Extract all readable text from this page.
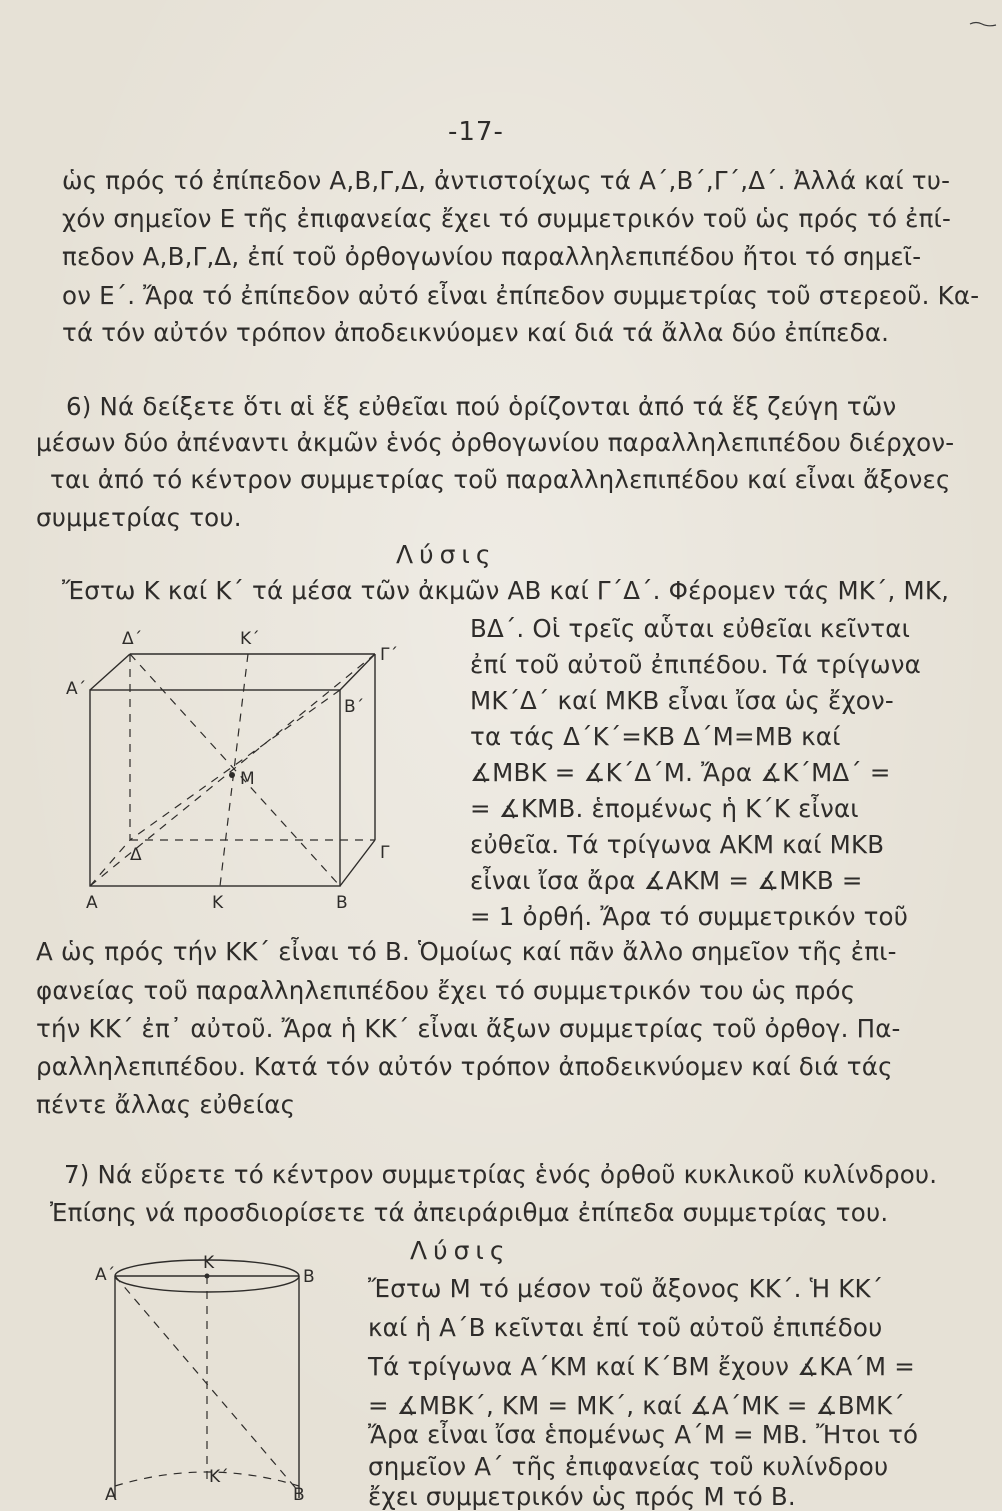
-17-
ὡς πρός τό ἐπίπεδον Α,Β,Γ,Δ, ἀντιστοίχως τά Α΄,Β΄,Γ΄,Δ΄. Ἀλλά καί τυ-
χόν σημεῖον Ε τῆς ἐπιφανείας ἔχει τό συμμετρικόν τοῦ ὡς πρός τό ἐπί-
πεδον Α,Β,Γ,Δ, ἐπί τοῦ ὀρθογωνίου παραλληλεπιπέδου ἤτοι τό σημεῖ-
ον Ε΄. Ἄρα τό ἐπίπεδον αὐτό εἶναι ἐπίπεδον συμμετρίας τοῦ στερεοῦ. Κα-
τά τόν αὐτόν τρόπον ἀποδεικνύομεν καί διά τά ἄλλα δύο ἐπίπεδα.
6) Νά δείξετε ὅτι αἱ ἕξ εὐθεῖαι πού ὁρίζονται ἀπό τά ἕξ ζεύγη τῶν
μέσων δύο ἀπέναντι ἀκμῶν ἑνός ὀρθογωνίου παραλληλεπιπέδου διέρχον-
ται ἀπό τό κέντρον συμμετρίας τοῦ παραλληλεπιπέδου καί εἶναι ἄξονες
συμμετρίας του.
Λύσις
Ἔστω Κ καί Κ΄ τά μέσα τῶν ἀκμῶν ΑΒ καί Γ΄Δ΄. Φέρομεν τάς ΜΚ΄, ΜΚ,
ΒΔ΄. Οἱ τρεῖς αὗται εὐθεῖαι κεῖνται
ἐπί τοῦ αὐτοῦ ἐπιπέδου. Τά τρίγωνα
ΜΚ΄Δ΄ καί ΜΚΒ εἶναι ἴσα ὡς ἔχον-
τα τάς Δ΄Κ΄=ΚΒ Δ΄Μ=ΜΒ καί
∡ΜΒΚ = ∡Κ΄Δ΄Μ. Ἄρα ∡Κ΄ΜΔ΄ =
= ∡ΚΜΒ. ἑπομένως ἡ Κ΄Κ εἶναι
εὐθεῖα. Τά τρίγωνα ΑΚΜ καί ΜΚΒ
εἶναι ἴσα ἄρα ∡ΑΚΜ = ∡ΜΚΒ =
= 1 ὀρθή. Ἄρα τό συμμετρικόν τοῦ
Δ΄	Κ΄
Γ΄
Α΄
Β΄
Μ
Δ	Γ
Α	Κ	Β
Α ὡς πρός τήν ΚΚ΄ εἶναι τό Β. Ὁμοίως καί πᾶν ἄλλο σημεῖον τῆς ἐπι-
φανείας τοῦ παραλληλεπιπέδου ἔχει τό συμμετρικόν του ὡς πρός
τήν ΚΚ΄ ἐπ᾽ αὐτοῦ. Ἄρα ἡ ΚΚ΄ εἶναι ἄξων συμμετρίας τοῦ ὀρθογ. Πα-
ραλληλεπιπέδου. Κατά τόν αὐτόν τρόπον ἀποδεικνύομεν καί διά τάς
πέντε ἄλλας εὐθείας
7) Νά εὕρετε τό κέντρον συμμετρίας ἑνός ὀρθοῦ κυκλικοῦ κυλίνδρου.
Ἐπίσης νά προσδιορίσετε τά ἀπειράριθμα ἐπίπεδα συμμετρίας του.
Λύσις
Ἔστω Μ τό μέσον τοῦ ἄξονος ΚΚ΄. Ἡ ΚΚ΄
καί ἡ Α΄Β κεῖνται ἐπί τοῦ αὐτοῦ ἐπιπέδου
Τά τρίγωνα Α΄ΚΜ καί Κ΄ΒΜ ἔχουν ∡ΚΑ΄Μ =
= ∡ΜΒΚ΄, ΚΜ = ΜΚ΄, καί ∡Α΄ΜΚ = ∡ΒΜΚ΄
Ἄρα εἶναι ἴσα ἑπομένως Α΄Μ = ΜΒ. Ἤτοι τό
σημεῖον Α΄ τῆς ἐπιφανείας τοῦ κυλίνδρου
ἔχει συμμετρικόν ὡς πρός Μ τό Β.
Κ
Α΄	Β
Κ΄
Α	Β
